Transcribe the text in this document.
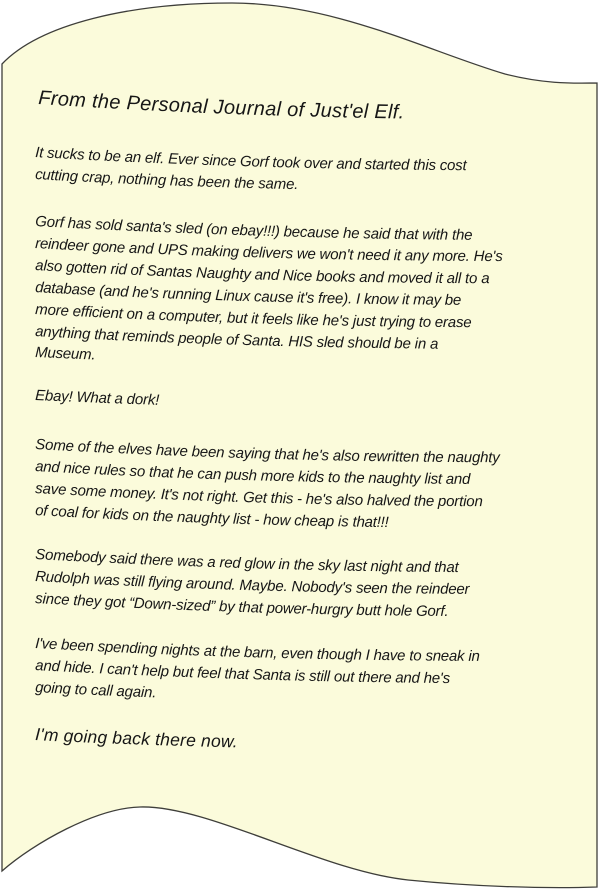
From the Personal Journal of Just'el Elf.
It sucks to be an elf. Ever since Gorf took over and started this cost
cutting crap, nothing has been the same.
Gorf has sold santa's sled (on ebay!!!) because he said that with the
reindeer gone and UPS making delivers we won't need it any more. He's
also gotten rid of Santas Naughty and Nice books and moved it all to a
database (and he's running Linux cause it's free). I know it may be
more efficient on a computer, but it feels like he's just trying to erase
anything that reminds people of Santa. HIS sled should be in a
Museum.
Ebay! What a dork!
Some of the elves have been saying that he's also rewritten the naughty
and nice rules so that he can push more kids to the naughty list and
save some money. It's not right. Get this - he's also halved the portion
of coal for kids on the naughty list - how cheap is that!!!
Somebody said there was a red glow in the sky last night and that
Rudolph was still flying around. Maybe. Nobody's seen the reindeer
since they got “Down-sized” by that power-hurgry butt hole Gorf.
I've been spending nights at the barn, even though I have to sneak in
and hide. I can't help but feel that Santa is still out there and he's
going to call again.
I'm going back there now.
